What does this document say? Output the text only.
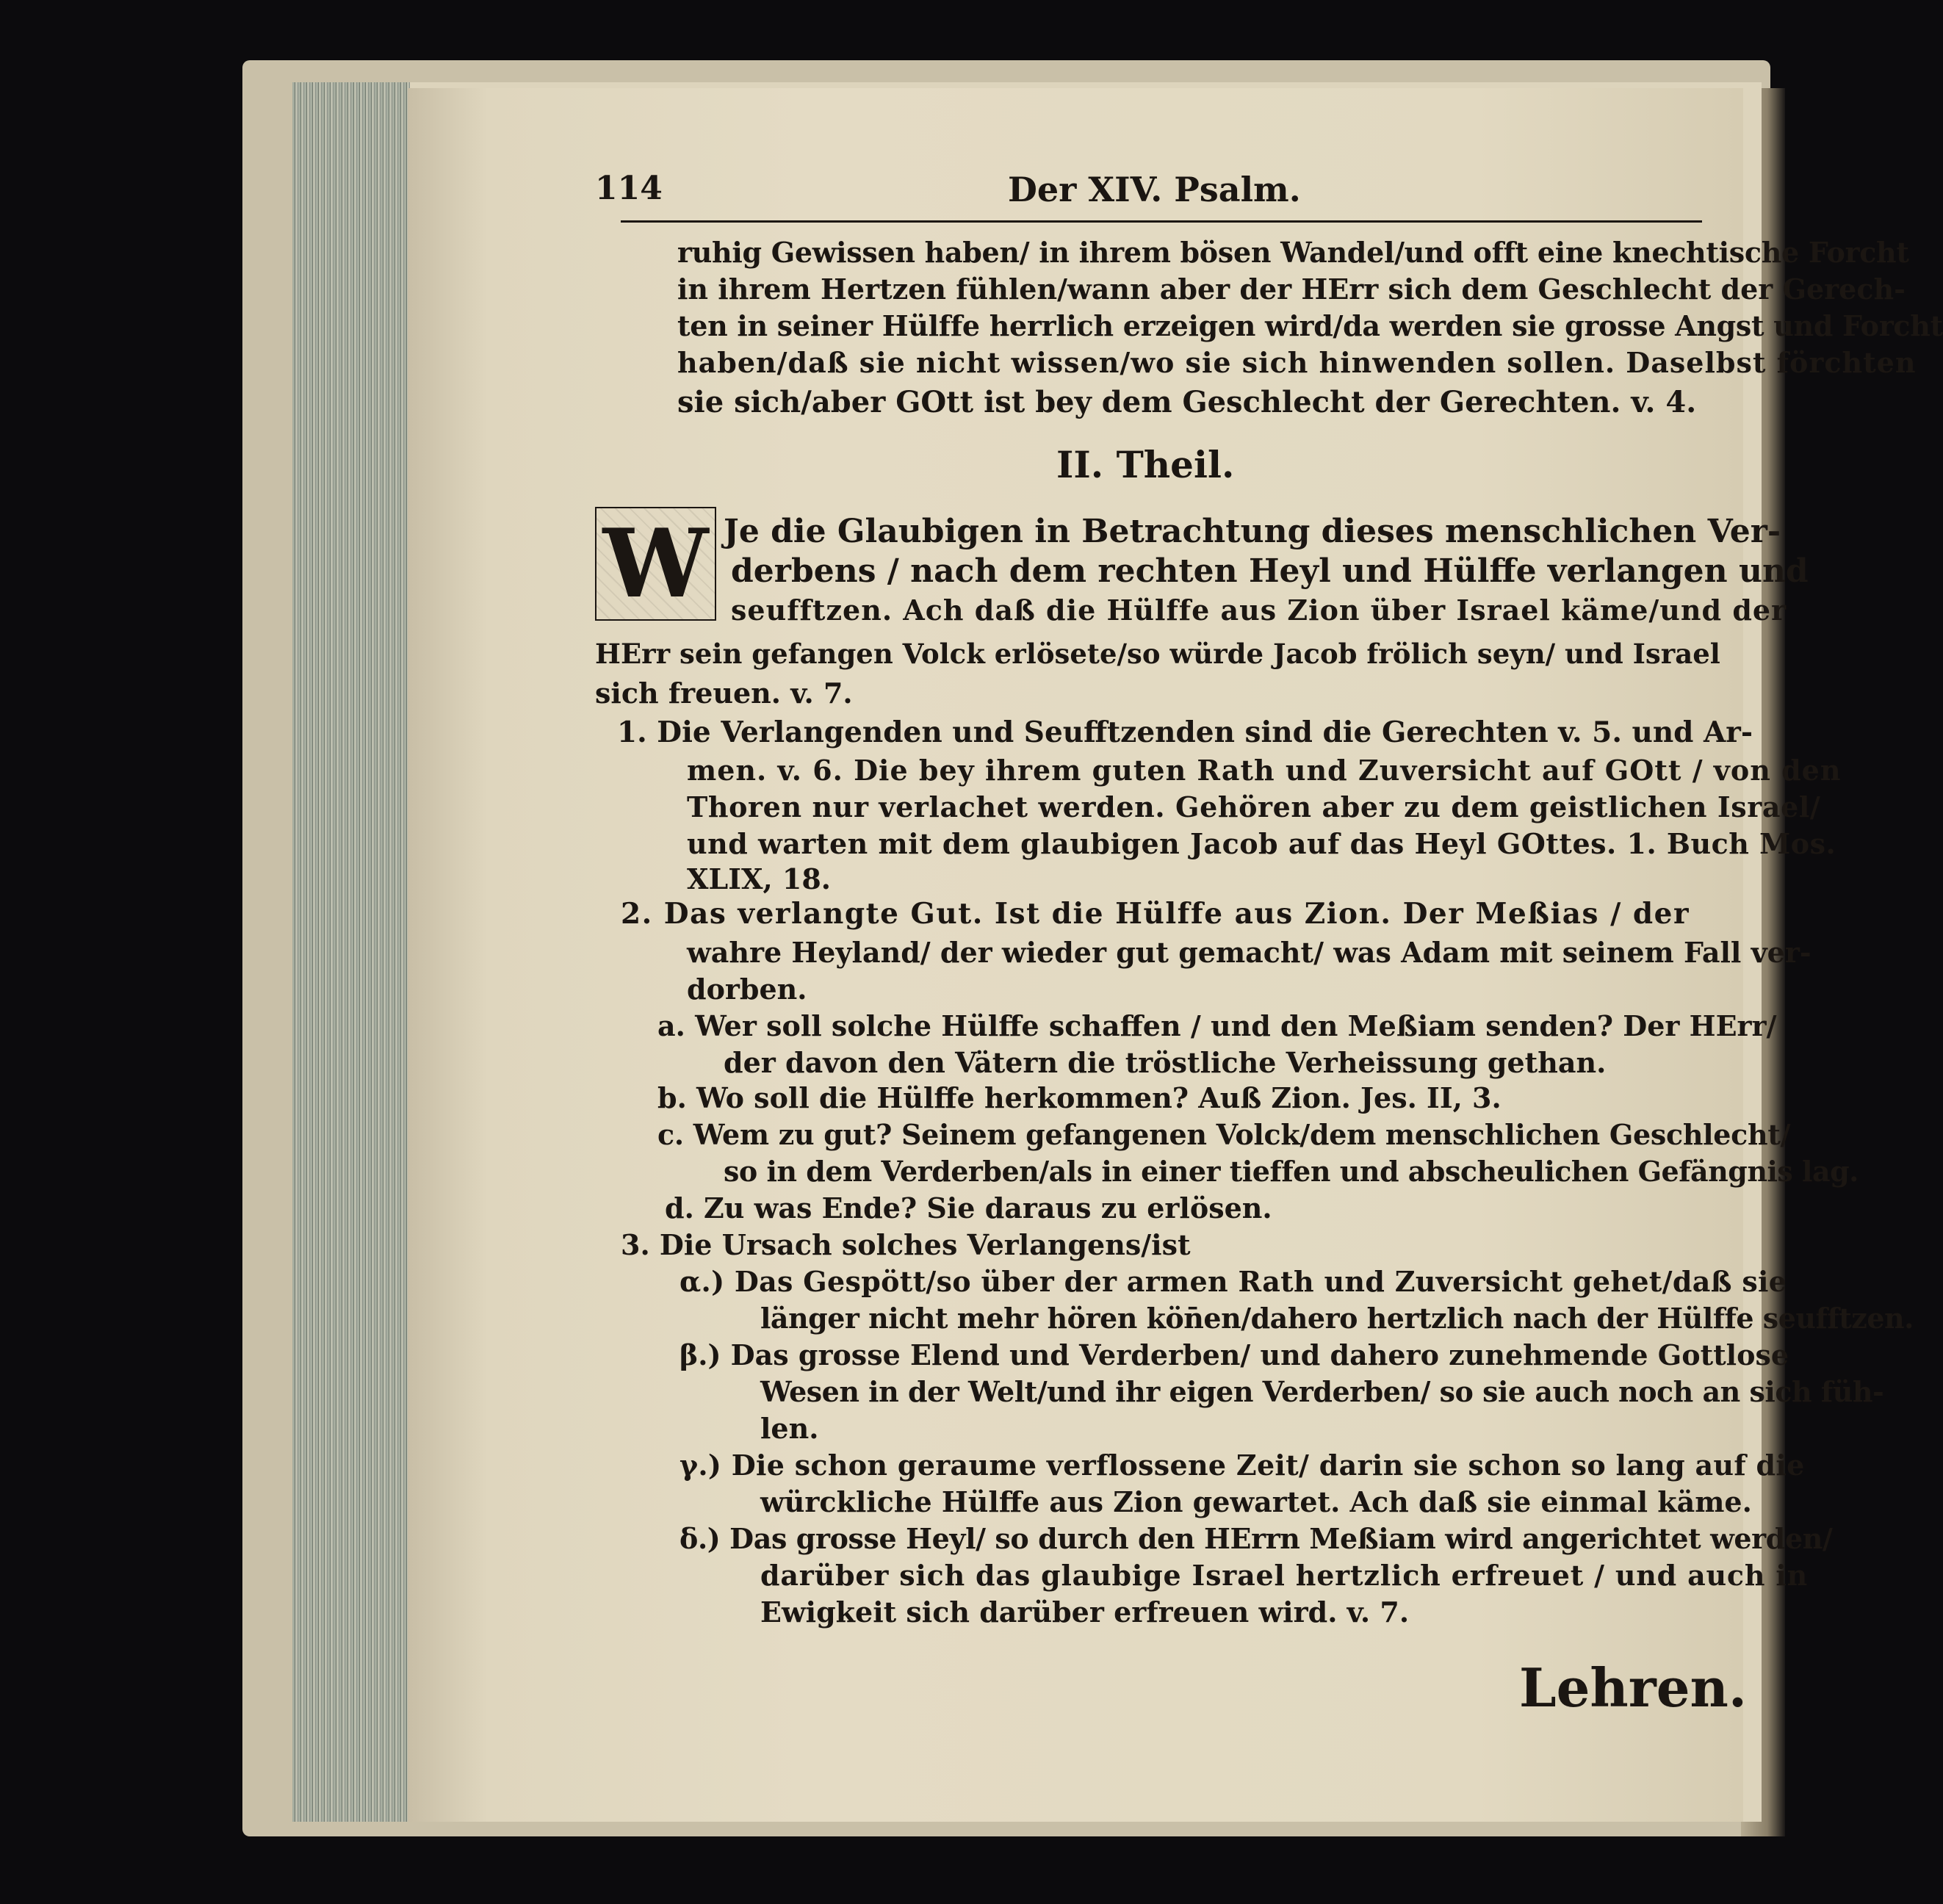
114	Der XIV. Psalm.
ruhig Gewissen haben/ in ihrem bösen Wandel/und offt eine knechtische Forcht
in ihrem Hertzen fühlen/wann aber der HErr sich dem Geschlecht der Gerech-
ten in seiner Hülffe herrlich erzeigen wird/da werden sie grosse Angst und Forcht
haben/daß sie nicht wissen/wo sie sich hinwenden sollen. Daselbst förchten
sie sich/aber GOtt ist bey dem Geschlecht der Gerechten. v. 4.
II. Theil.
W Je die Glaubigen in Betrachtung dieses menschlichen Ver-
derbens / nach dem rechten Heyl und Hülffe verlangen und
seufftzen. Ach daß die Hülffe aus Zion über Israel käme/und der
HErr sein gefangen Volck erlösete/so würde Jacob frölich seyn/ und Israel
sich freuen. v. 7.
1. Die Verlangenden und Seufftzenden sind die Gerechten v. 5. und Ar-
men. v. 6. Die bey ihrem guten Rath und Zuversicht auf GOtt / von den
Thoren nur verlachet werden. Gehören aber zu dem geistlichen Israel/
und warten mit dem glaubigen Jacob auf das Heyl GOttes. 1. Buch Mos.
XLIX, 18.
2. Das verlangte Gut. Ist die Hülffe aus Zion. Der Meßias / der
wahre Heyland/ der wieder gut gemacht/ was Adam mit seinem Fall ver-
dorben.
a. Wer soll solche Hülffe schaffen / und den Meßiam senden? Der HErr/
der davon den Vätern die tröstliche Verheissung gethan.
b. Wo soll die Hülffe herkommen? Auß Zion. Jes. II, 3.
c. Wem zu gut? Seinem gefangenen Volck/dem menschlichen Geschlecht/
so in dem Verderben/als in einer tieffen und abscheulichen Gefängnis lag.
d. Zu was Ende? Sie daraus zu erlösen.
3. Die Ursach solches Verlangens/ist
α.) Das Gespött/so über der armen Rath und Zuversicht gehet/daß sie
länger nicht mehr hören kön̄en/dahero hertzlich nach der Hülffe seufftzen.
β.) Das grosse Elend und Verderben/ und dahero zunehmende Gottlose
Wesen in der Welt/und ihr eigen Verderben/ so sie auch noch an sich füh-
len.
γ.) Die schon geraume verflossene Zeit/ darin sie schon so lang auf die
würckliche Hülffe aus Zion gewartet. Ach daß sie einmal käme.
δ.) Das grosse Heyl/ so durch den HErrn Meßiam wird angerichtet werden/
darüber sich das glaubige Israel hertzlich erfreuet / und auch in
Ewigkeit sich darüber erfreuen wird. v. 7.
Lehren.
